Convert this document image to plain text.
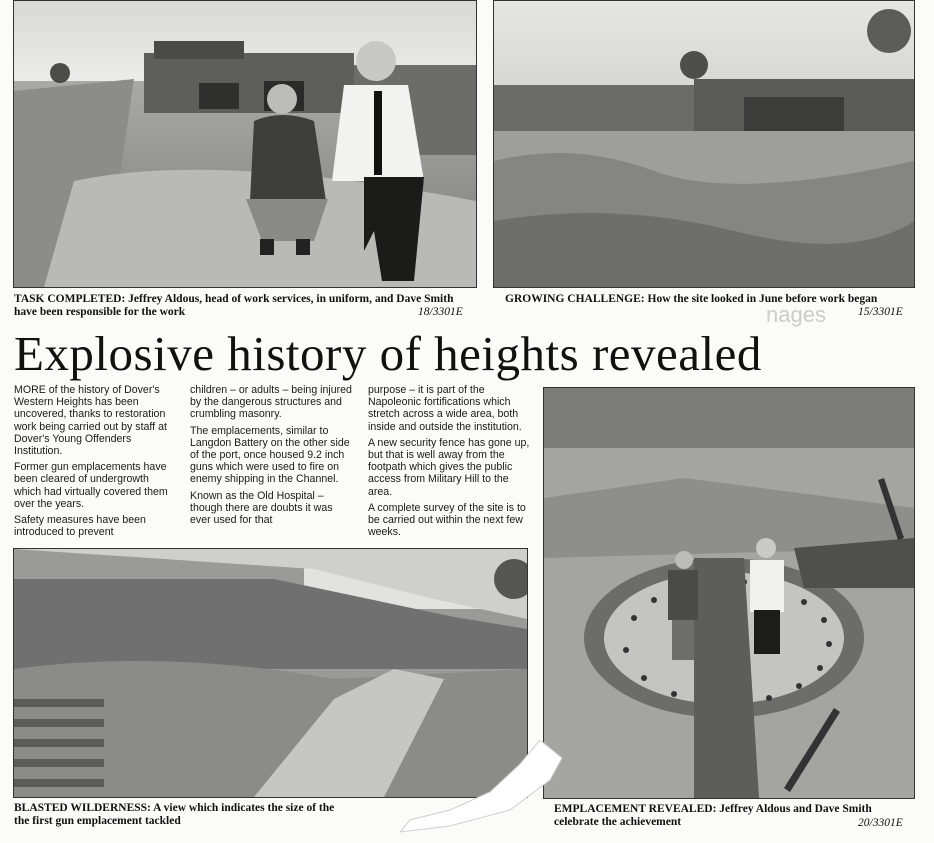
TASK COMPLETED: Jeffrey Aldous, head of work services, in uniform, and Dave Smith have been responsible for the work	18/3301E
GROWING CHALLENGE: How the site looked in June before work began
15/3301E
nages
Explosive history of heights revealed

MORE of the history of Dover's Western Heights has been uncovered, thanks to restoration work being carried out by staff at Dover's Young Offenders Institution.

Former gun emplacements have been cleared of undergrowth which had virtually covered them over the years.

Safety measures have been introduced to prevent

children – or adults – being injured by the dangerous structures and crumbling masonry.

The emplacements, similar to Langdon Battery on the other side of the port, once housed 9.2 inch guns which were used to fire on enemy shipping in the Channel.

Known as the Old Hospital – though there are doubts it was ever used for that

purpose – it is part of the Napoleonic fortifications which stretch across a wide area, both inside and outside the institution.

A new security fence has gone up, but that is well away from the footpath which gives the public access from Military Hill to the area.

A complete survey of the site is to be carried out within the next few weeks.

BLASTED WILDERNESS: A view which indicates the size of the
the first gun emplacement tackled
EMPLACEMENT REVEALED: Jeffrey Aldous and Dave Smith celebrate the achievement	20/3301E
